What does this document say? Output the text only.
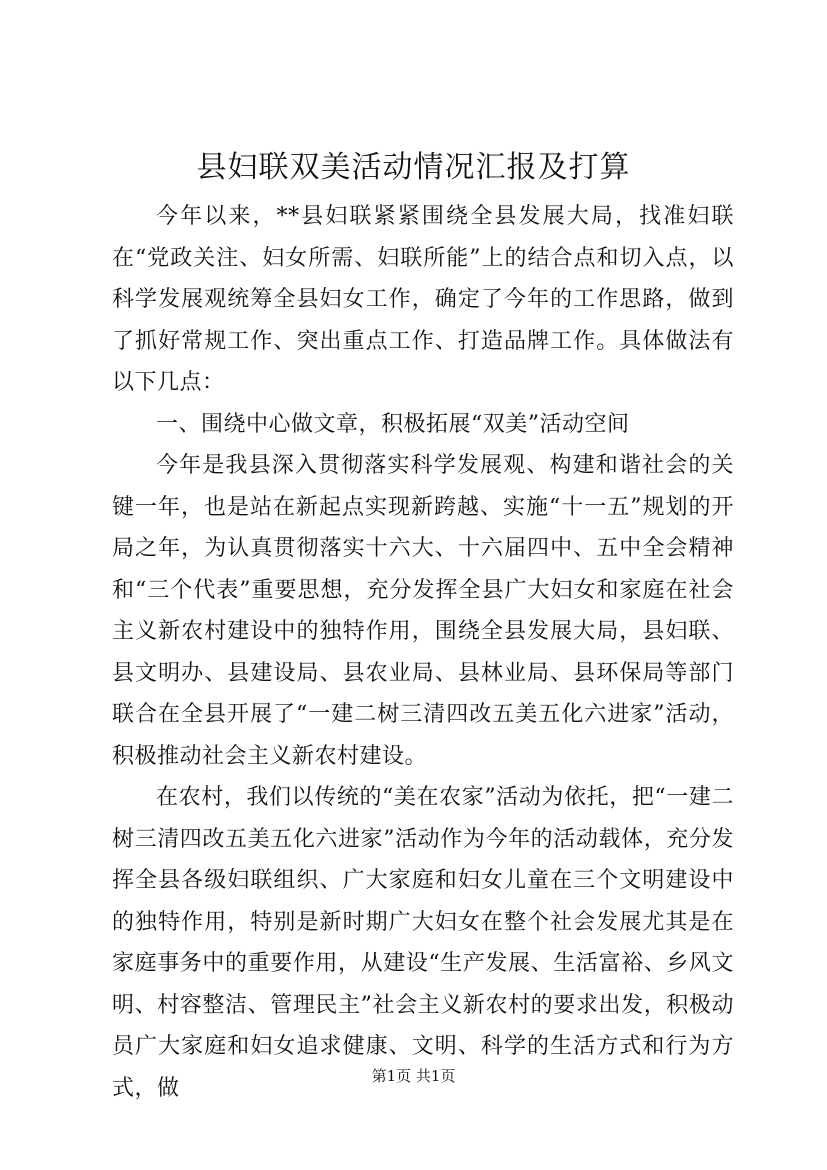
县妇联双美活动情况汇报及打算

今年以来，**县妇联紧紧围绕全县发展大局，找准妇联在“党政关注、妇女所需、妇联所能”上的结合点和切入点，以科学发展观统筹全县妇女工作，确定了今年的工作思路，做到了抓好常规工作、突出重点工作、打造品牌工作。具体做法有以下几点：

一、围绕中心做文章，积极拓展“双美”活动空间

今年是我县深入贯彻落实科学发展观、构建和谐社会的关键一年，也是站在新起点实现新跨越、实施“十一五”规划的开局之年，为认真贯彻落实十六大、十六届四中、五中全会精神和“三个代表”重要思想，充分发挥全县广大妇女和家庭在社会主义新农村建设中的独特作用，围绕全县发展大局，县妇联、县文明办、县建设局、县农业局、县林业局、县环保局等部门联合在全县开展了“一建二树三清四改五美五化六进家”活动，积极推动社会主义新农村建设。

在农村，我们以传统的“美在农家”活动为依托，把“一建二树三清四改五美五化六进家”活动作为今年的活动载体，充分发挥全县各级妇联组织、广大家庭和妇女儿童在三个文明建设中的独特作用，特别是新时期广大妇女在整个社会发展尤其是在家庭事务中的重要作用，从建设“生产发展、生活富裕、乡风文明、村容整洁、管理民主”社会主义新农村的要求出发，积极动员广大家庭和妇女追求健康、文明、科学的生活方式和行为方式，做	第1页 共1页
